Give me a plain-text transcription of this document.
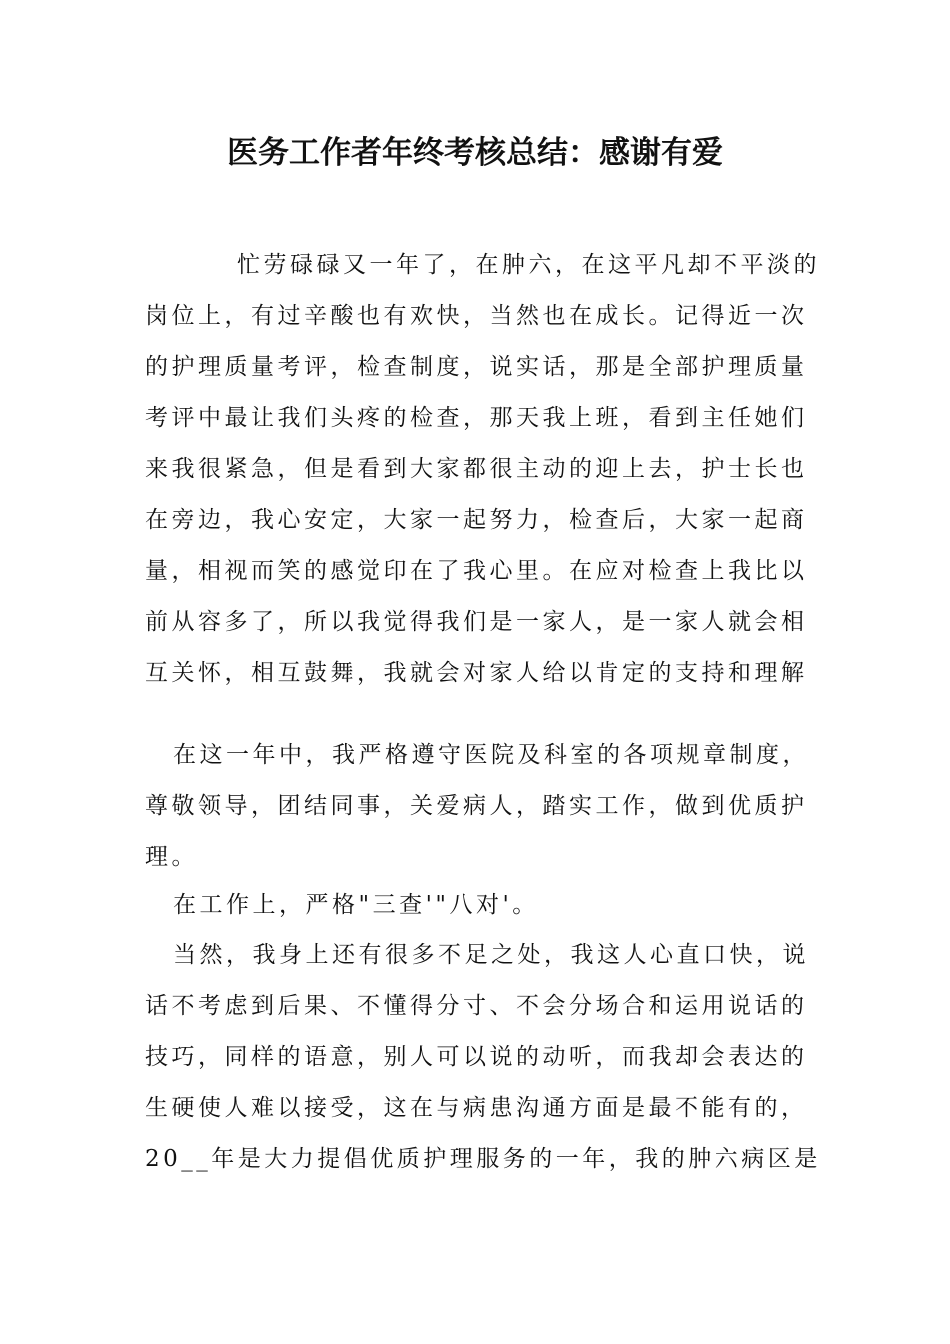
医务工作者年终考核总结：感谢有爱

忙劳碌碌又一年了，在肿六，在这平凡却不平淡的
岗位上，有过辛酸也有欢快，当然也在成长。记得近一次
的护理质量考评，检查制度，说实话，那是全部护理质量
考评中最让我们头疼的检查，那天我上班，看到主任她们
来我很紧急，但是看到大家都很主动的迎上去，护士长也
在旁边，我心安定，大家一起努力，检查后，大家一起商
量，相视而笑的感觉印在了我心里。在应对检查上我比以
前从容多了，所以我觉得我们是一家人，是一家人就会相
互关怀，相互鼓舞，我就会对家人给以肯定的支持和理解

在这一年中，我严格遵守医院及科室的各项规章制度，
尊敬领导，团结同事，关爱病人，踏实工作，做到优质护
理。

在工作上，严格"三查'"八对'。

当然，我身上还有很多不足之处，我这人心直口快，说
话不考虑到后果、不懂得分寸、不会分场合和运用说话的
技巧，同样的语意，别人可以说的动听，而我却会表达的
生硬使人难以接受，这在与病患沟通方面是最不能有的，
20__年是大力提倡优质护理服务的一年，我的肿六病区是
